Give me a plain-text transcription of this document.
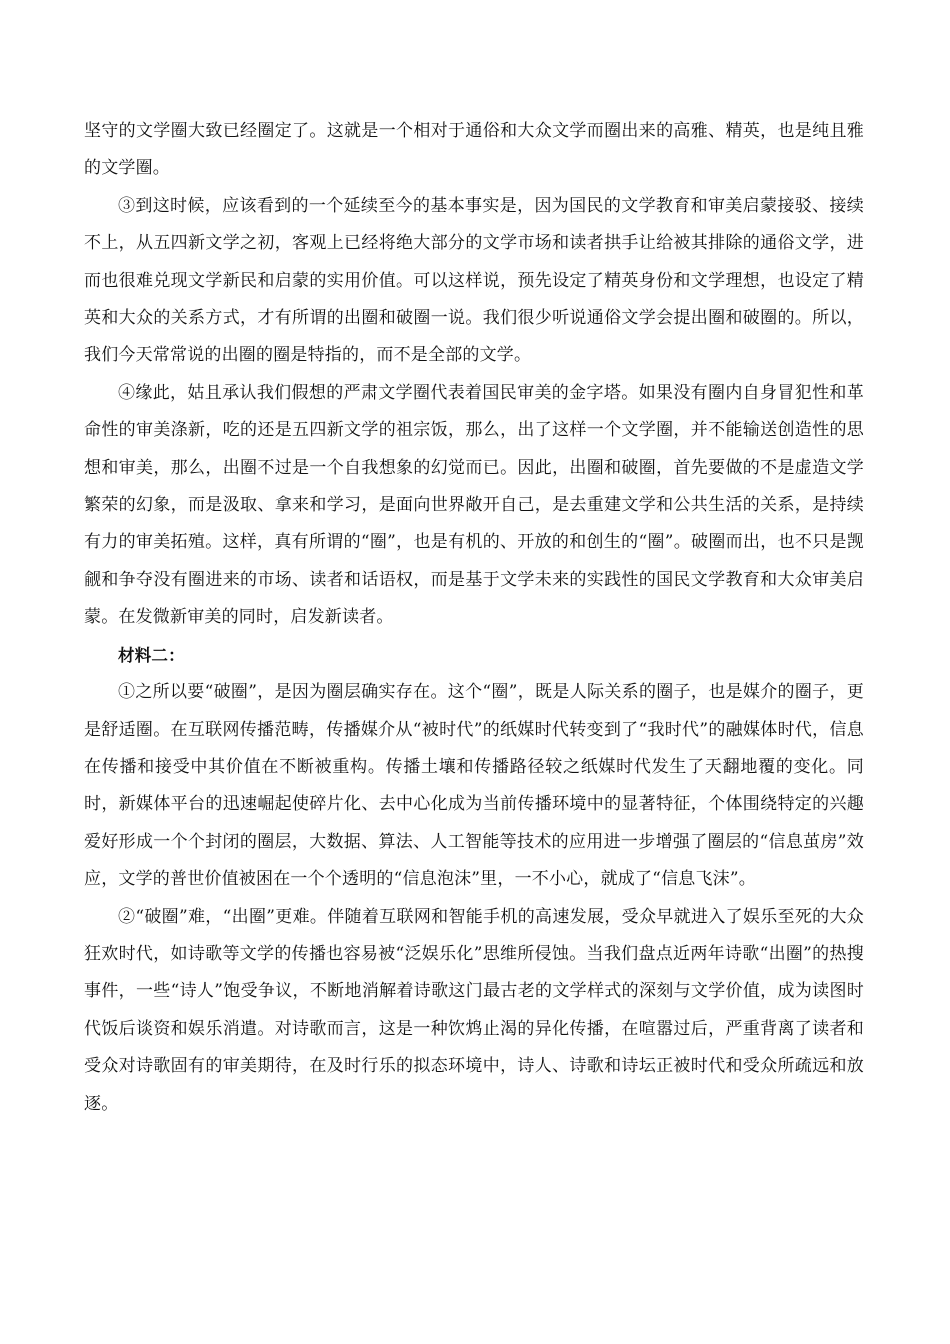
坚守的文学圈大致已经圈定了。这就是一个相对于通俗和大众文学而圈出来的高雅、精英，也是纯且雅的文学圈。

③到这时候，应该看到的一个延续至今的基本事实是，因为国民的文学教育和审美启蒙接驳、接续不上，从五四新文学之初，客观上已经将绝大部分的文学市场和读者拱手让给被其排除的通俗文学，进而也很难兑现文学新民和启蒙的实用价值。可以这样说，预先设定了精英身份和文学理想，也设定了精英和大众的关系方式，才有所谓的出圈和破圈一说。我们很少听说通俗文学会提出圈和破圈的。所以，我们今天常常说的出圈的圈是特指的，而不是全部的文学。

④缘此，姑且承认我们假想的严肃文学圈代表着国民审美的金字塔。如果没有圈内自身冒犯性和革命性的审美涤新，吃的还是五四新文学的祖宗饭，那么，出了这样一个文学圈，并不能输送创造性的思想和审美，那么，出圈不过是一个自我想象的幻觉而已。因此，出圈和破圈，首先要做的不是虚造文学繁荣的幻象，而是汲取、拿来和学习，是面向世界敞开自己，是去重建文学和公共生活的关系，是持续有力的审美拓殖。这样，真有所谓的“圈”，也是有机的、开放的和创生的“圈”。破圈而出，也不只是觊觎和争夺没有圈进来的市场、读者和话语权，而是基于文学未来的实践性的国民文学教育和大众审美启蒙。在发微新审美的同时，启发新读者。

材料二：

①之所以要“破圈”，是因为圈层确实存在。这个“圈”，既是人际关系的圈子，也是媒介的圈子，更是舒适圈。在互联网传播范畴，传播媒介从“被时代”的纸媒时代转变到了“我时代”的融媒体时代，信息在传播和接受中其价值在不断被重构。传播土壤和传播路径较之纸媒时代发生了天翻地覆的变化。同时，新媒体平台的迅速崛起使碎片化、去中心化成为当前传播环境中的显著特征，个体围绕特定的兴趣爱好形成一个个封闭的圈层，大数据、算法、人工智能等技术的应用进一步增强了圈层的“信息茧房”效应，文学的普世价值被困在一个个透明的“信息泡沫”里，一不小心，就成了“信息飞沫”。

②“破圈”难，“出圈”更难。伴随着互联网和智能手机的高速发展，受众早就进入了娱乐至死的大众狂欢时代，如诗歌等文学的传播也容易被“泛娱乐化”思维所侵蚀。当我们盘点近两年诗歌“出圈”的热搜事件，一些“诗人”饱受争议，不断地消解着诗歌这门最古老的文学样式的深刻与文学价值，成为读图时代饭后谈资和娱乐消遣。对诗歌而言，这是一种饮鸩止渴的异化传播，在喧嚣过后，严重背离了读者和受众对诗歌固有的审美期待，在及时行乐的拟态环境中，诗人、诗歌和诗坛正被时代和受众所疏远和放逐。
